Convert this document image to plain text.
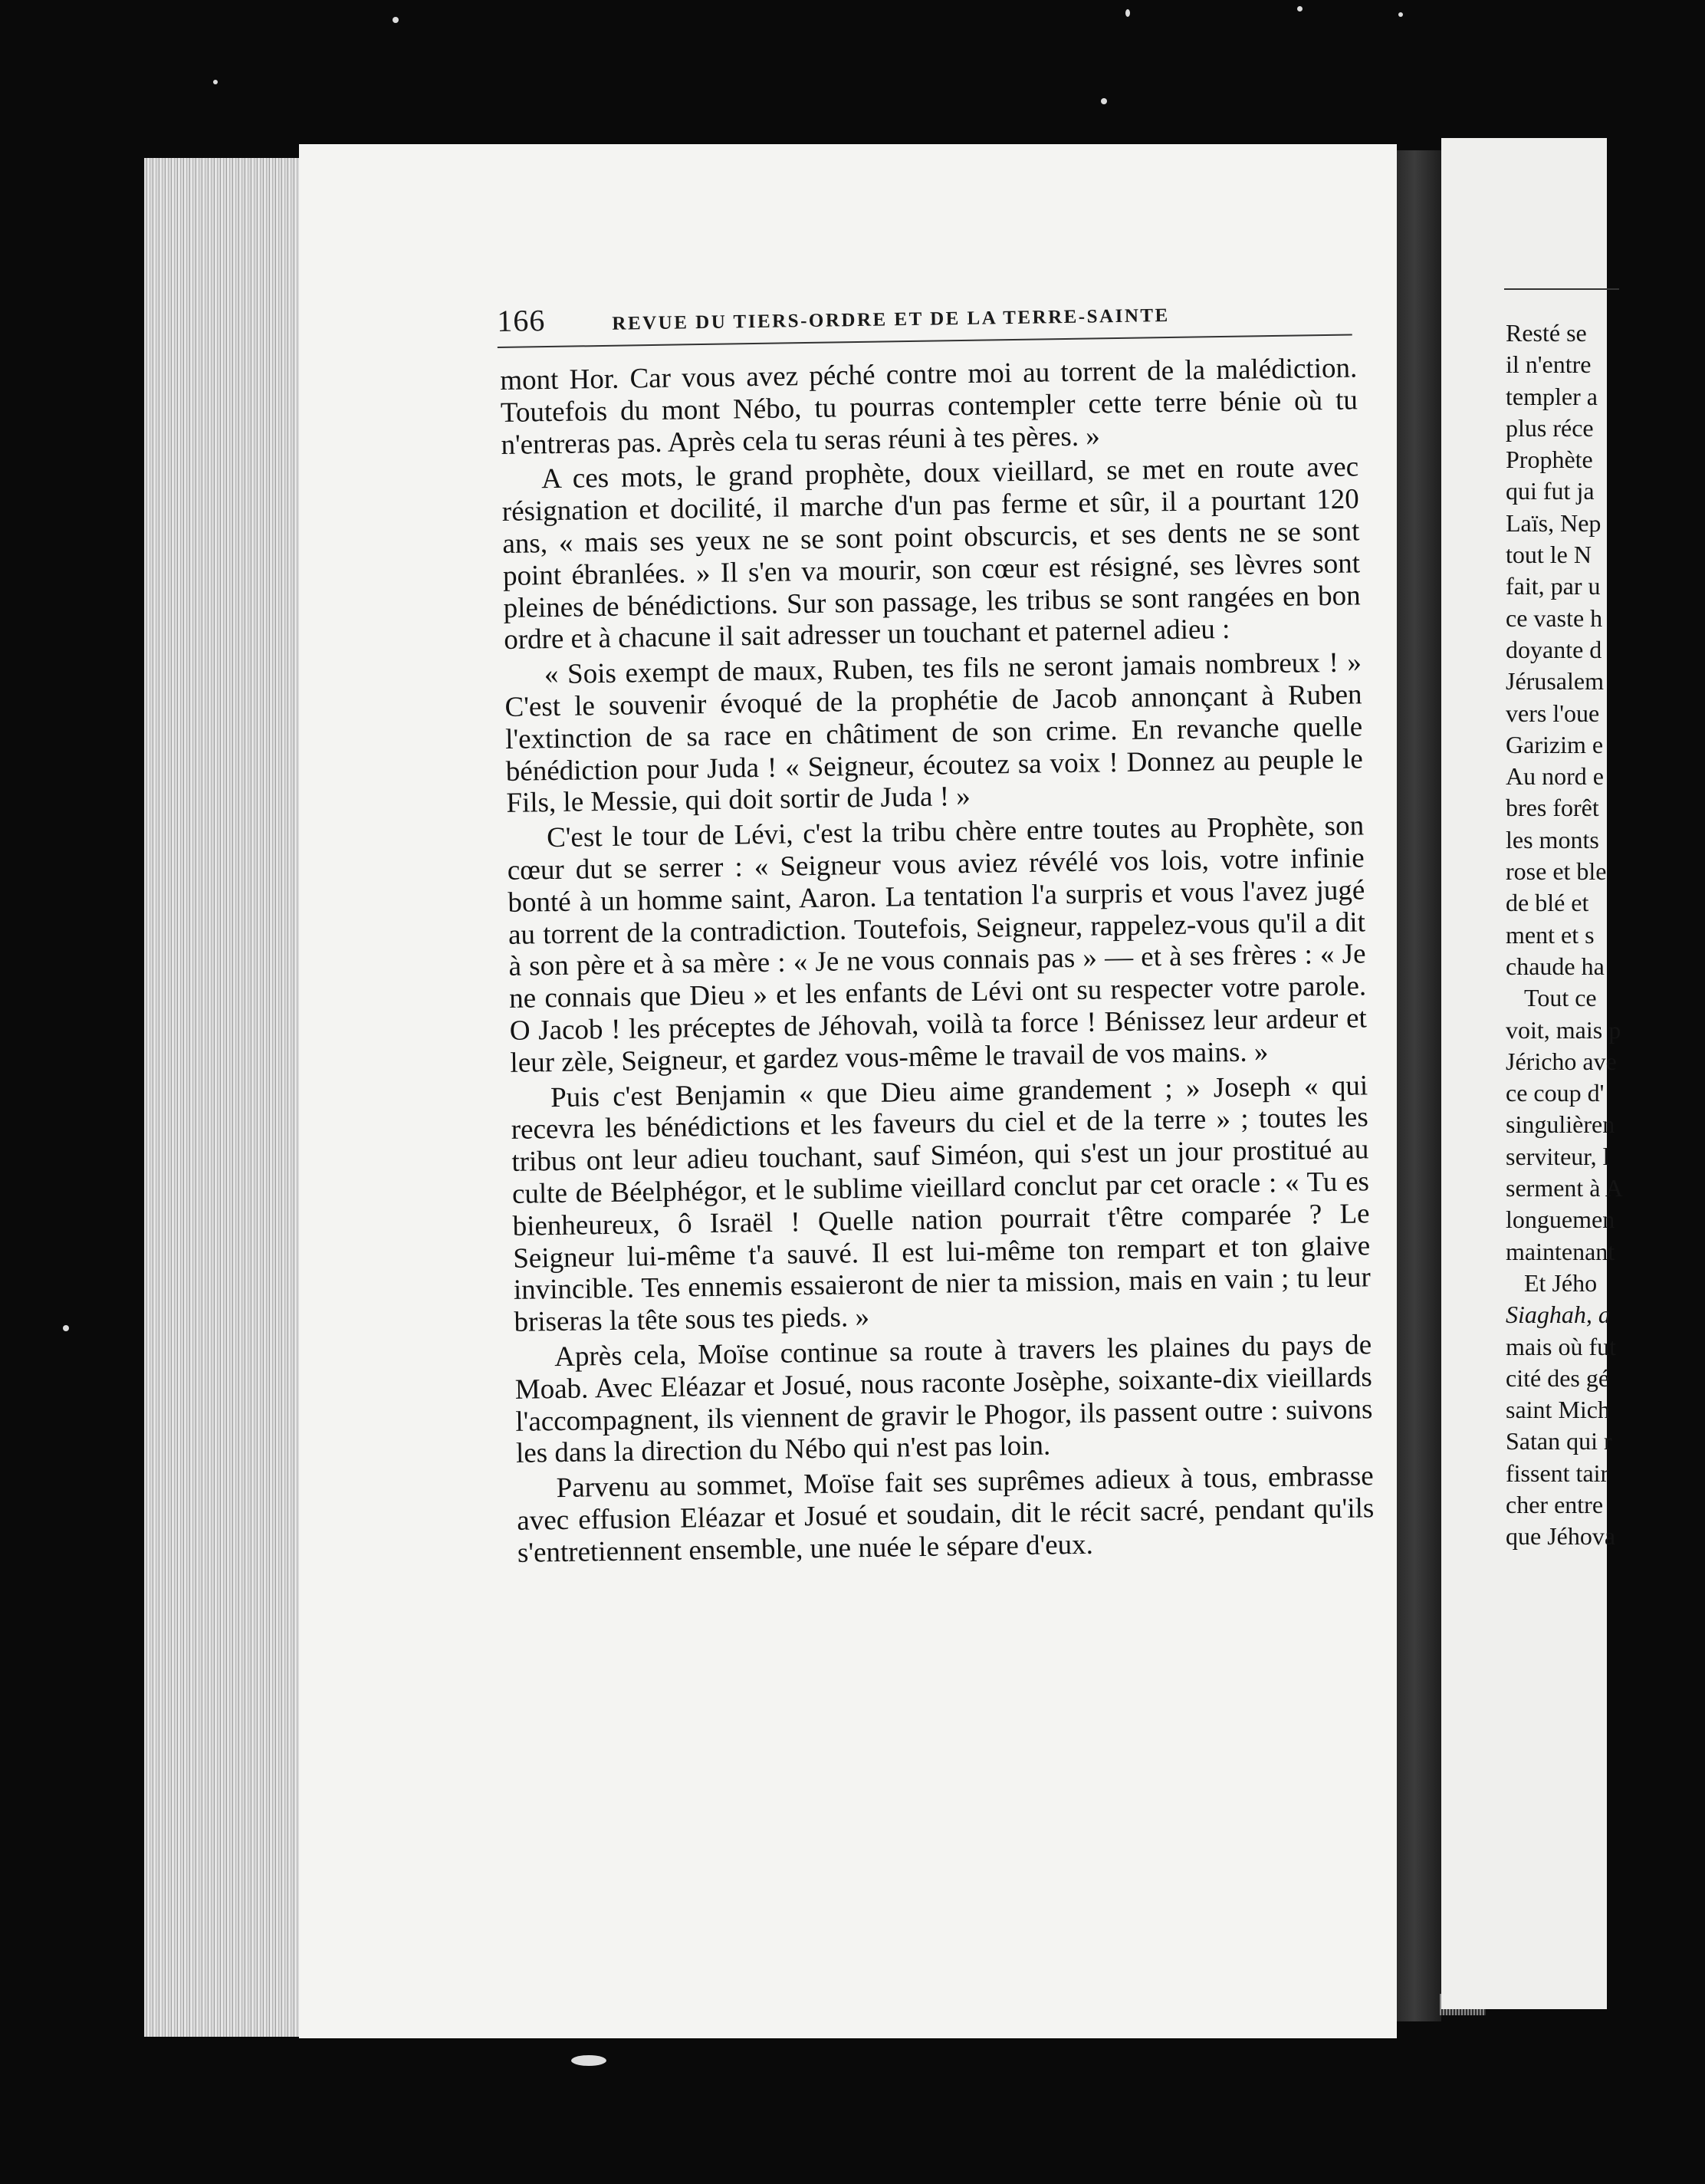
Resté se
il n'entre
templer a
plus réce
Prophète
qui fut ja
Laïs, Nep
tout le N
fait, par u
ce vaste h
doyante d
Jérusalem
vers l'oue
Garizim e
Au nord e
bres forêt
les monts
rose et ble
de blé et
ment et s
chaude ha
Tout ce
voit, mais p
Jéricho ave
ce coup d'
singulièren
serviteur, l
serment à A
longuemen
maintenant
Et Jého
Siaghah, a
mais où fut
cité des gé
saint Mich
Satan qui r
fissent tair
cher entre
que Jéhova
166	REVUE DU TIERS-ORDRE ET DE LA TERRE-SAINTE

mont Hor. Car vous avez péché contre moi au torrent de la malédiction. Toutefois du mont Nébo, tu pourras contempler cette terre bénie où tu n'entreras pas. Après cela tu seras réuni à tes pères. »

A ces mots, le grand prophète, doux vieillard, se met en route avec résignation et docilité, il marche d'un pas ferme et sûr, il a pourtant 120 ans, « mais ses yeux ne se sont point obscurcis, et ses dents ne se sont point ébranlées. » Il s'en va mourir, son cœur est résigné, ses lèvres sont pleines de bénédictions. Sur son passage, les tribus se sont rangées en bon ordre et à chacune il sait adresser un touchant et paternel adieu :

« Sois exempt de maux, Ruben, tes fils ne seront jamais nombreux ! » C'est le souvenir évoqué de la prophétie de Jacob annonçant à Ruben l'extinction de sa race en châtiment de son crime. En revanche quelle bénédiction pour Juda ! « Seigneur, écoutez sa voix ! Donnez au peuple le Fils, le Messie, qui doit sortir de Juda ! »

C'est le tour de Lévi, c'est la tribu chère entre toutes au Prophète, son cœur dut se serrer : « Seigneur vous aviez révélé vos lois, votre infinie bonté à un homme saint, Aaron. La tentation l'a surpris et vous l'avez jugé au torrent de la contradiction. Toutefois, Seigneur, rappelez-vous qu'il a dit à son père et à sa mère : « Je ne vous connais pas » — et à ses frères : « Je ne connais que Dieu » et les enfants de Lévi ont su respecter votre parole. O Jacob ! les préceptes de Jéhovah, voilà ta force ! Bénissez leur ardeur et leur zèle, Seigneur, et gardez vous-même le travail de vos mains. »

Puis c'est Benjamin « que Dieu aime grandement ; » Joseph « qui recevra les bénédictions et les faveurs du ciel et de la terre » ; toutes les tribus ont leur adieu touchant, sauf Siméon, qui s'est un jour prostitué au culte de Béelphégor, et le sublime vieillard conclut par cet oracle : « Tu es bienheureux, ô Israël ! Quelle nation pourrait t'être comparée ? Le Seigneur lui-même t'a sauvé. Il est lui-même ton rempart et ton glaive invincible. Tes ennemis essaieront de nier ta mission, mais en vain ; tu leur briseras la tête sous tes pieds. »

Après cela, Moïse continue sa route à travers les plaines du pays de Moab. Avec Eléazar et Josué, nous raconte Josèphe, soixante-dix vieillards l'accompagnent, ils viennent de gravir le Phogor, ils passent outre : suivons les dans la direction du Nébo qui n'est pas loin.

Parvenu au sommet, Moïse fait ses suprêmes adieux à tous, embrasse avec effusion Eléazar et Josué et soudain, dit le récit sacré, pendant qu'ils s'entretiennent ensemble, une nuée le sépare d'eux.
